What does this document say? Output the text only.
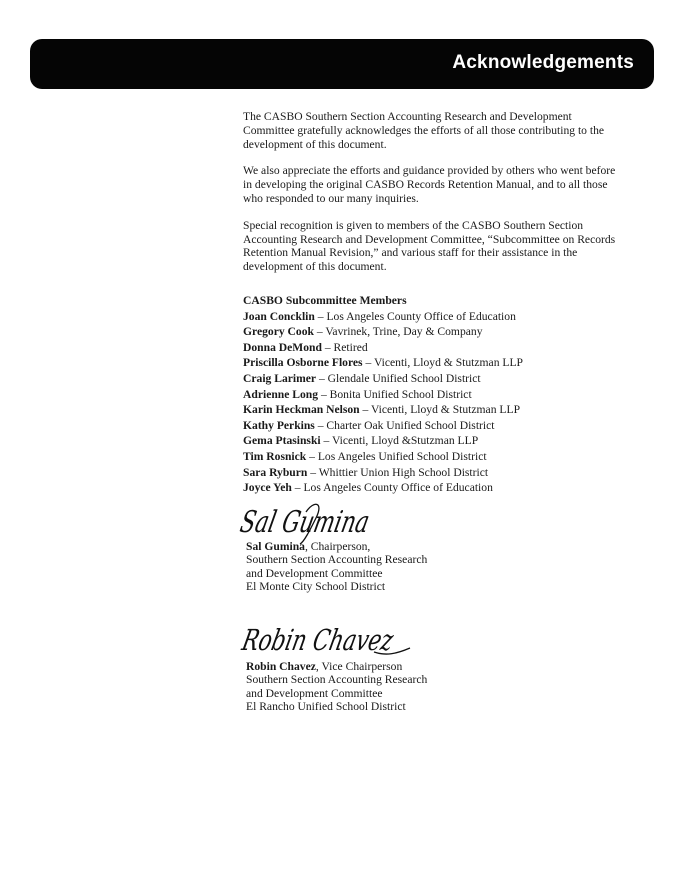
Acknowledgements

The CASBO Southern Section Accounting Research and Development Committee gratefully acknowledges the efforts of all those contributing to the development of this document.

We also appreciate the efforts and guidance provided by others who went before in developing the original CASBO Records Retention Manual, and to all those who responded to our many inquiries.

Special recognition is given to members of the CASBO Southern Section Accounting Research and Development Committee, “Subcommittee on Records Retention Manual Revision,” and various staff for their assistance in the development of this document.

CASBO Subcommittee Members
Joan Concklin – Los Angeles County Office of Education
Gregory Cook – Vavrinek, Trine, Day & Company
Donna DeMond – Retired
Priscilla Osborne Flores – Vicenti, Lloyd & Stutzman LLP
Craig Larimer – Glendale Unified School District
Adrienne Long – Bonita Unified School District
Karin Heckman Nelson – Vicenti, Lloyd & Stutzman LLP
Kathy Perkins – Charter Oak Unified School District
Gema Ptasinski – Vicenti, Lloyd &Stutzman LLP
Tim Rosnick – Los Angeles Unified School District
Sara Ryburn – Whittier Union High School District
Joyce Yeh – Los Angeles County Office of Education
Sal Gumina
Sal Gumina, Chairperson,
Southern Section Accounting Research
and Development Committee
El Monte City School District
Robin Chavez
Robin Chavez, Vice Chairperson
Southern Section Accounting Research
and Development Committee
El Rancho Unified School District
